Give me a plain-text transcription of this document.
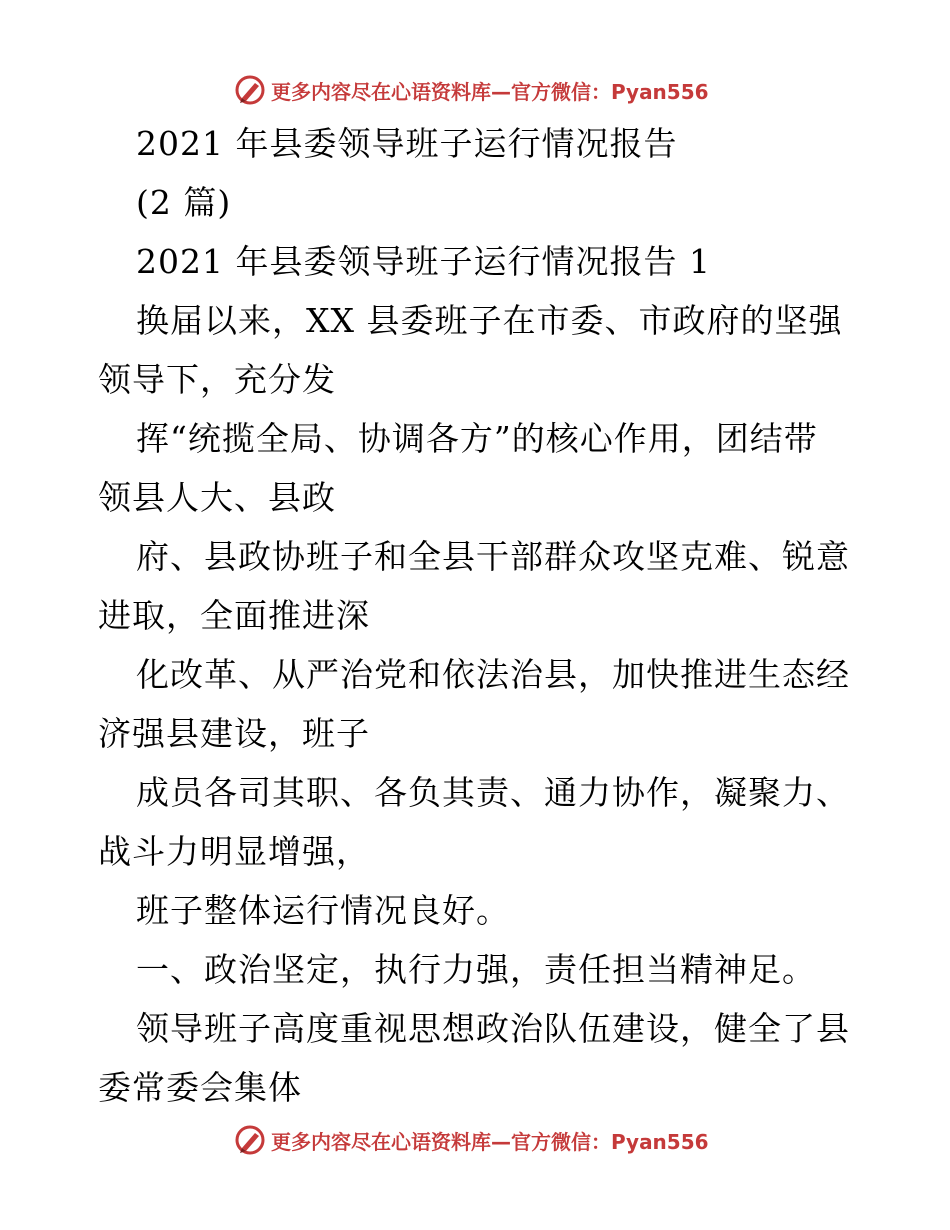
更多内容尽在心语资料库—官方微信：Pyan556
2021 年县委领导班子运行情况报告
(2 篇)
2021 年县委领导班子运行情况报告 1
换届以来，XX 县委班子在市委、市政府的坚强
领导下，充分发
挥“统揽全局、协调各方”的核心作用，团结带
领县人大、县政
府、县政协班子和全县干部群众攻坚克难、锐意
进取，全面推进深
化改革、从严治党和依法治县，加快推进生态经
济强县建设，班子
成员各司其职、各负其责、通力协作，凝聚力、
战斗力明显增强，
班子整体运行情况良好。
一、政治坚定，执行力强，责任担当精神足。
领导班子高度重视思想政治队伍建设，健全了县
委常委会集体
更多内容尽在心语资料库—官方微信：Pyan556
